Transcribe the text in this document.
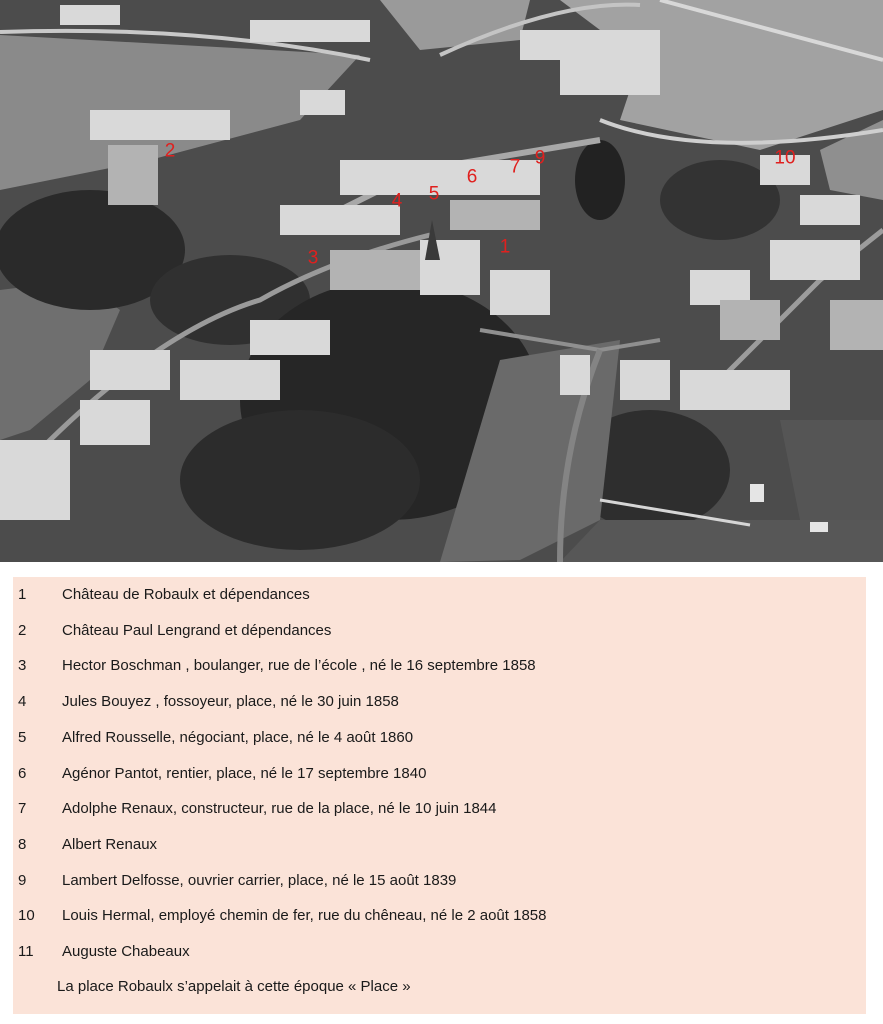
1
2
3
4 5
6 7 9	10
1 Château de Robaulx et dépendances
2 Château Paul Lengrand et dépendances
3 Hector Boschman , boulanger, rue de l’école , né le 16 septembre 1858
4 Jules Bouyez , fossoyeur, place, né le 30 juin 1858
5 Alfred Rousselle, négociant, place, né le 4 août 1860
6 Agénor Pantot, rentier, place, né le 17 septembre 1840
7 Adolphe Renaux, constructeur, rue de la place, né le 10 juin 1844
8 Albert Renaux
9 Lambert Delfosse, ouvrier carrier, place, né le 15 août 1839
10 Louis Hermal, employé chemin de fer, rue du chêneau, né le 2 août 1858
11 Auguste Chabeaux
La place Robaulx s’appelait à cette époque « Place »
